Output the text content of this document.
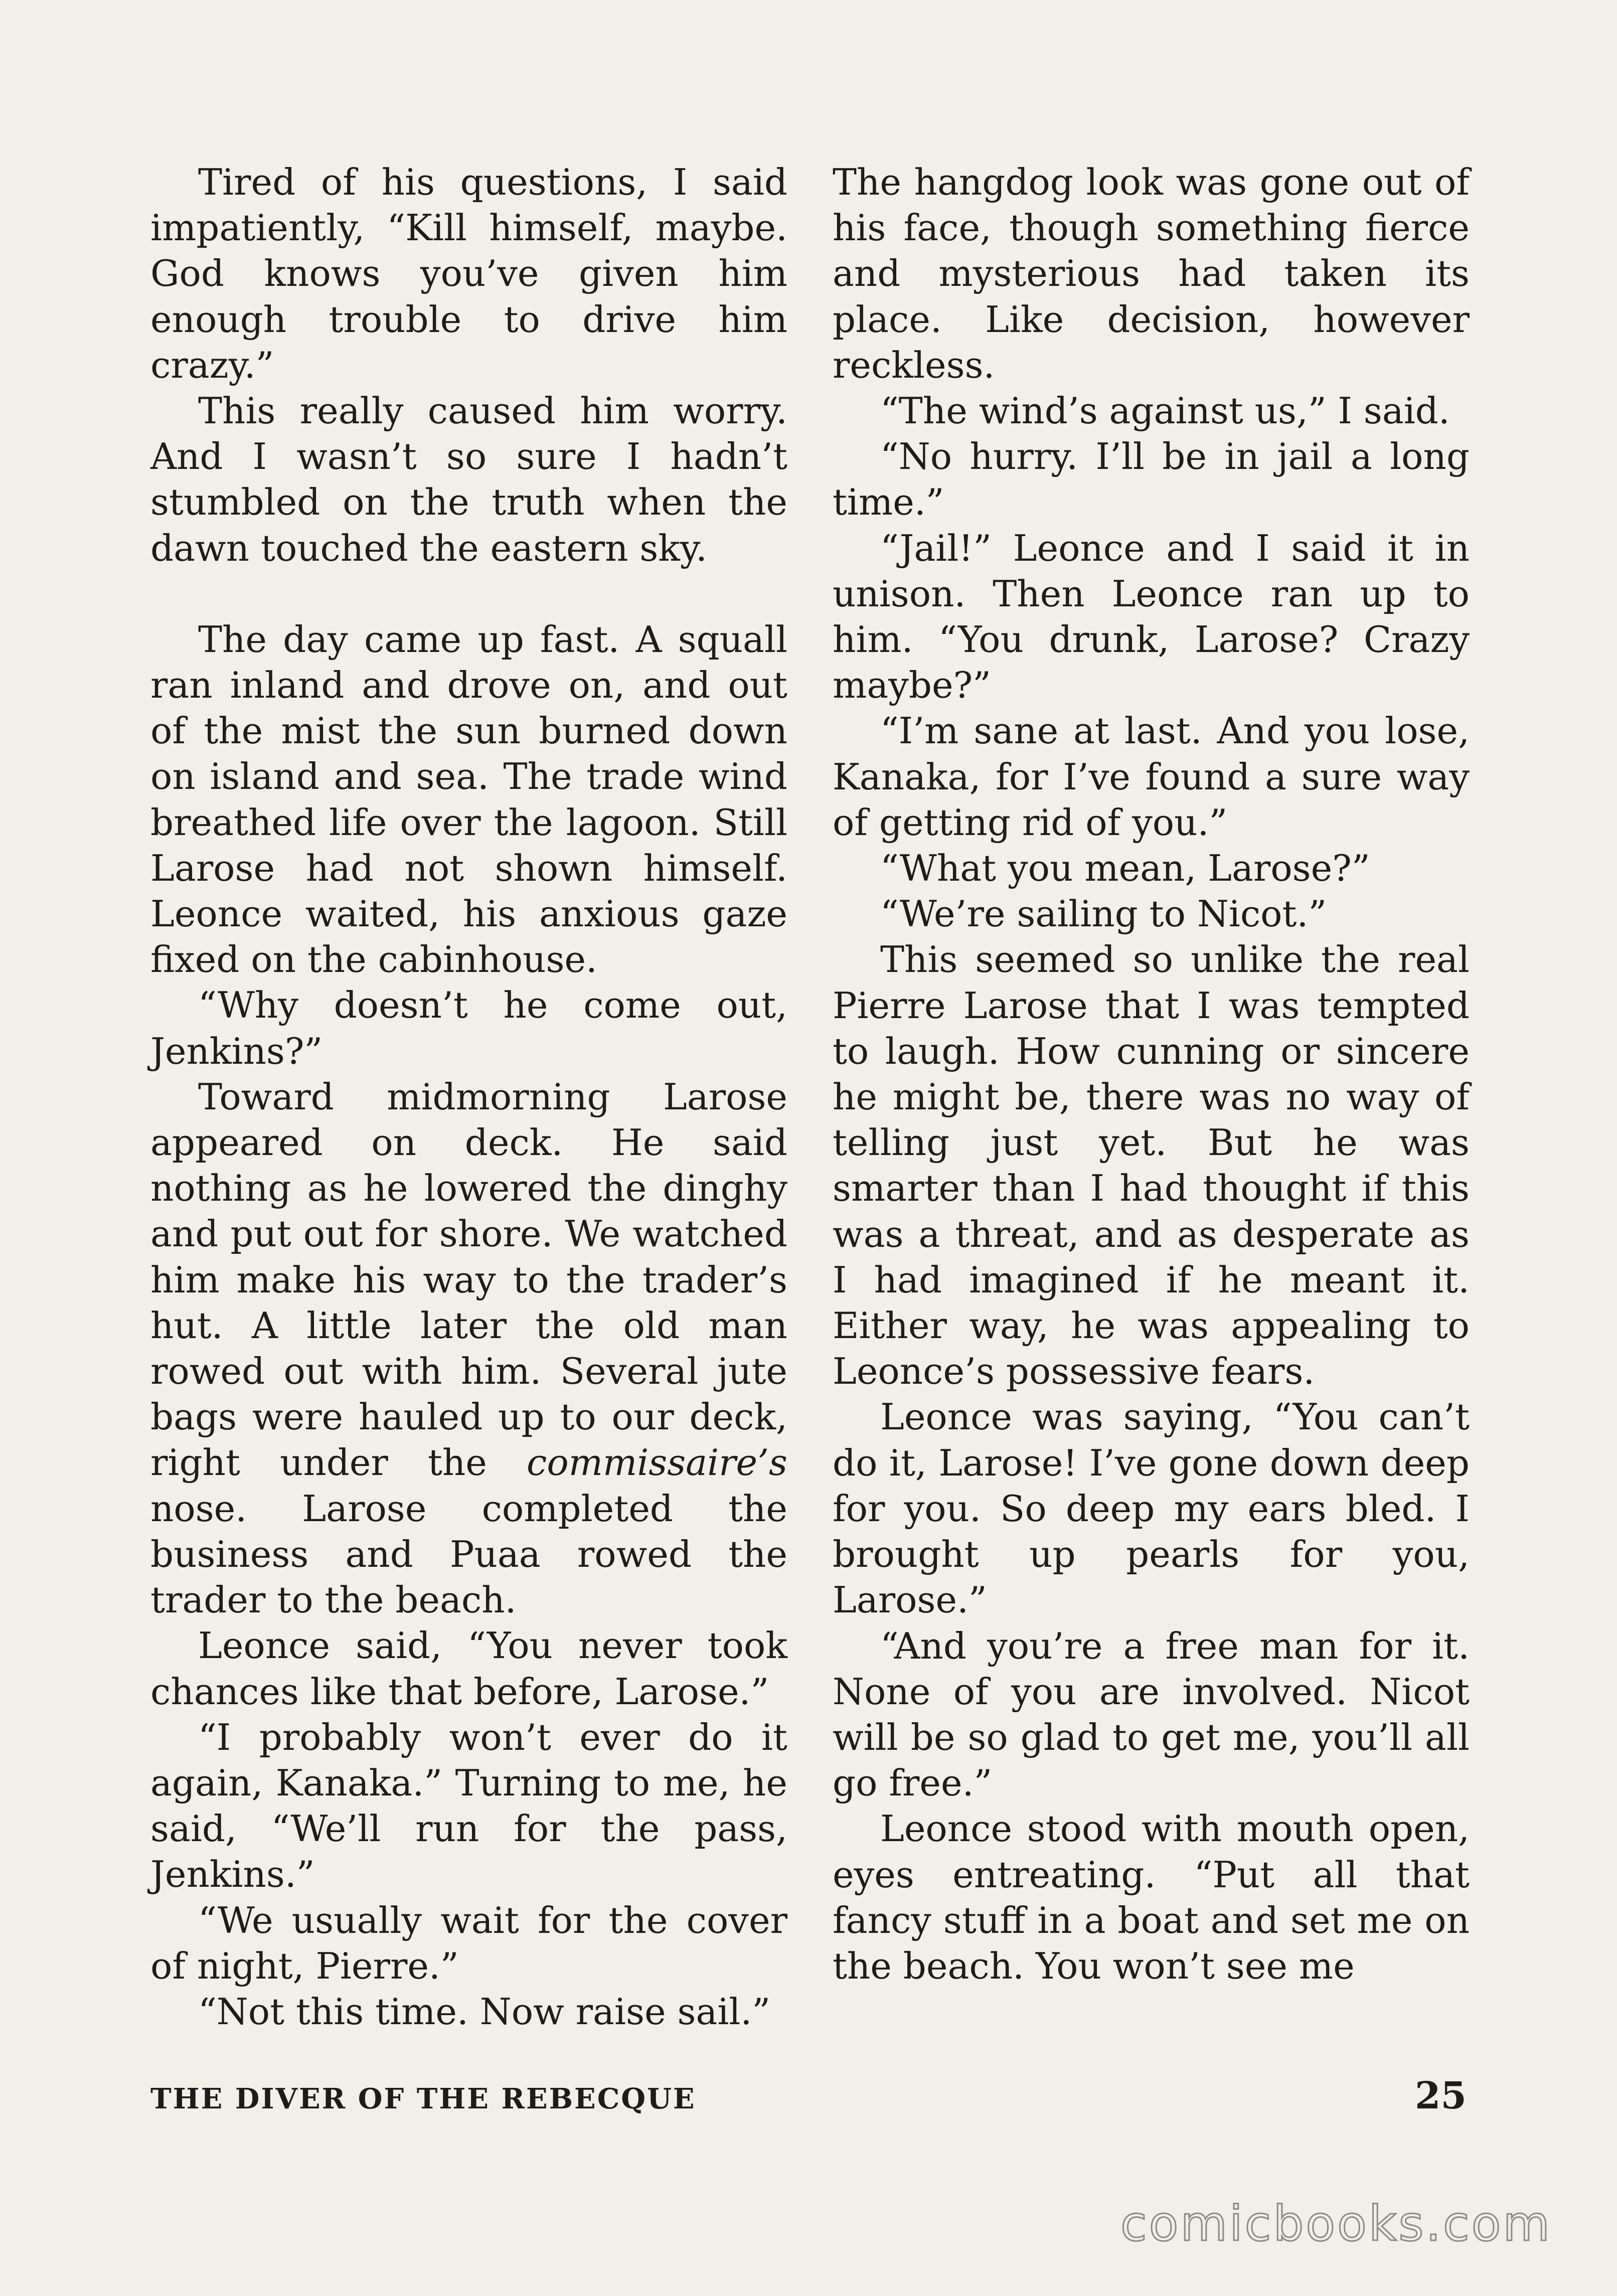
Tired of his questions, I said impatiently, “Kill himself, maybe. God knows you’ve given him enough trouble to drive him crazy.”

This really caused him worry. And I wasn’t so sure I hadn’t stumbled on the truth when the dawn touched the eastern sky.

The day came up fast. A squall ran inland and drove on, and out of the mist the sun burned down on island and sea. The trade wind breathed life over the lagoon. Still Larose had not shown himself. Leonce waited, his anxious gaze fixed on the cabinhouse.

“Why doesn’t he come out, Jenkins?”

Toward midmorning Larose appeared on deck. He said nothing as he lowered the dinghy and put out for shore. We watched him make his way to the trader’s hut. A little later the old man rowed out with him. Several jute bags were hauled up to our deck, right under the commissaire’s nose. Larose completed the business and Puaa rowed the trader to the beach.

Leonce said, “You never took chances like that before, Larose.”

“I probably won’t ever do it again, Kanaka.” Turning to me, he said, “We’ll run for the pass, Jenkins.”

“We usually wait for the cover of night, Pierre.”

“Not this time. Now raise sail.”

The hangdog look was gone out of his face, though something fierce and mysterious had taken its place. Like decision, however reckless.

“The wind’s against us,” I said.

“No hurry. I’ll be in jail a long time.”

“Jail!” Leonce and I said it in unison. Then Leonce ran up to him. “You drunk, Larose? Crazy maybe?”

“I’m sane at last. And you lose, Kanaka, for I’ve found a sure way of getting rid of you.”

“What you mean, Larose?”

“We’re sailing to Nicot.”

This seemed so unlike the real Pierre Larose that I was tempted to laugh. How cunning or sincere he might be, there was no way of telling just yet. But he was smarter than I had thought if this was a threat, and as desperate as I had imagined if he meant it. Either way, he was appealing to Leonce’s possessive fears.

Leonce was saying, “You can’t do it, Larose! I’ve gone down deep for you. So deep my ears bled. I brought up pearls for you, Larose.”

“And you’re a free man for it. None of you are involved. Nicot will be so glad to get me, you’ll all go free.”

Leonce stood with mouth open, eyes entreating. “Put all that fancy stuff in a boat and set me on the beach. You won’t see me

THE DIVER OF THE REBECQUE	25
comicbooks.com
